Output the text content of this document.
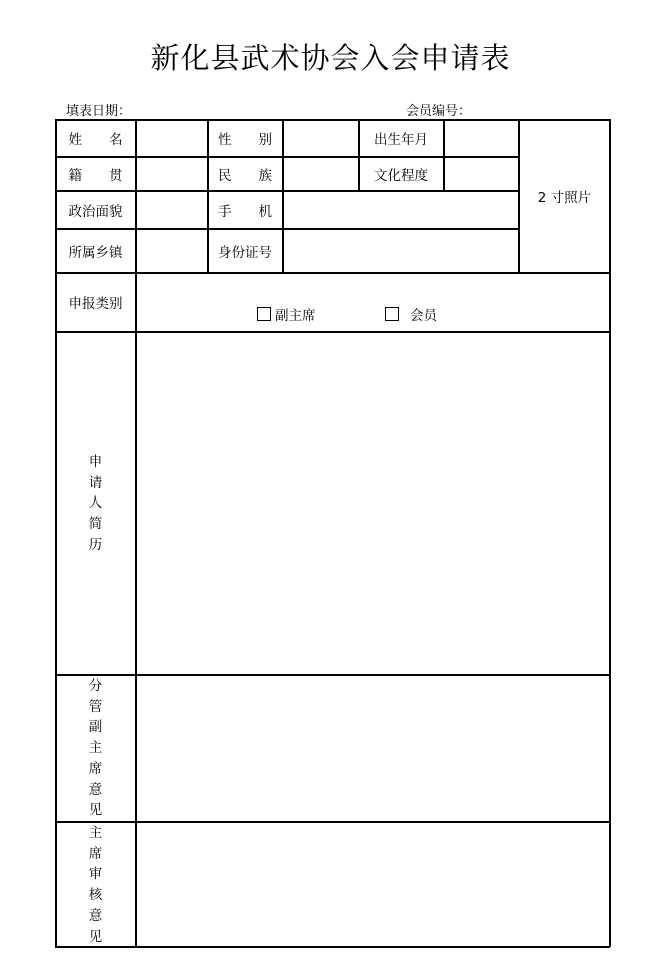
新化县武术协会入会申请表
填表日期：	会员编号：
姓　　名	性　　别	出生年月
籍　　贯	民　　族	文化程度
政治面貌	手　　机
所属乡镇	身份证号
2 寸照片
申报类别
副主席	会员
申
请
人
简
历
分
管
副
主
席
意
见
主
席
审
核
意
见
